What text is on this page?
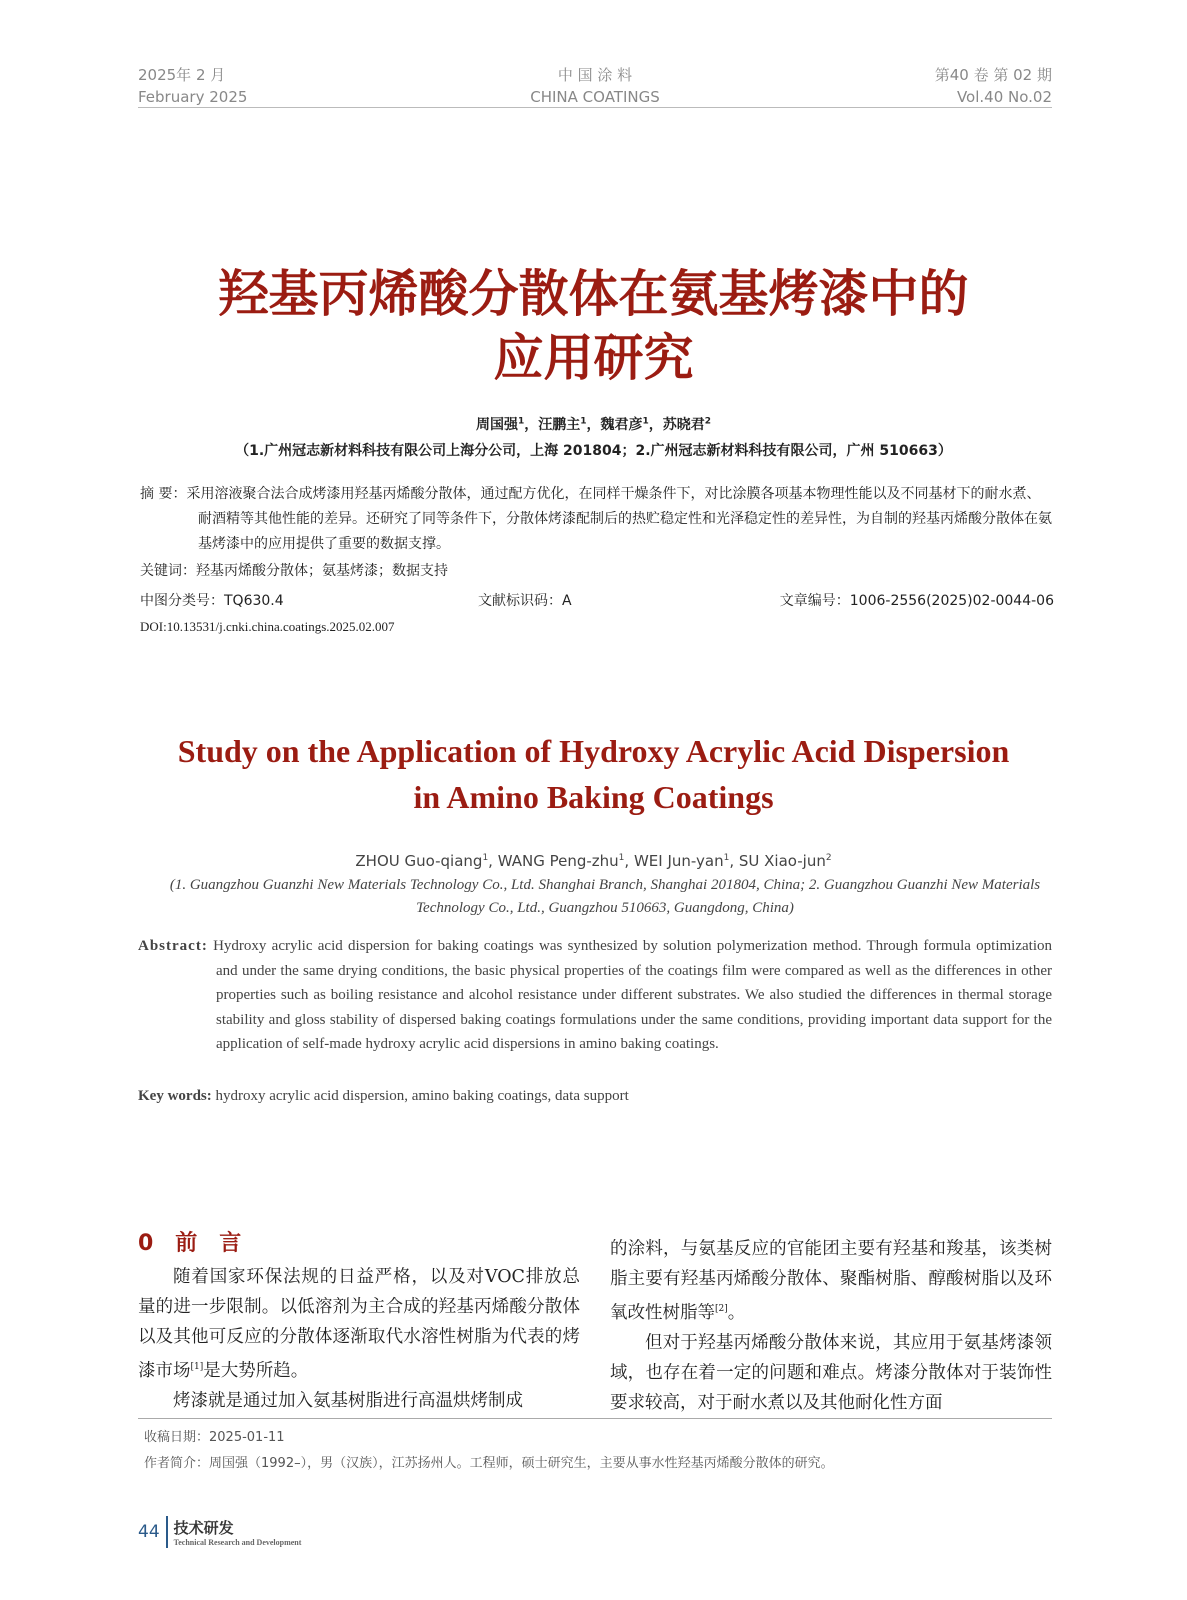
2025年 2 月
February 2025
中 国 涂 料
CHINA COATINGS
第40 卷 第 02 期
Vol.40 No.02
羟基丙烯酸分散体在氨基烤漆中的
应用研究
周国强$^1$，汪鹏主$^1$，魏君彦$^1$，苏晓君$^2$
（1.广州冠志新材料科技有限公司上海分公司，上海 201804；2.广州冠志新材料科技有限公司，广州 510663）
摘 要：采用溶液聚合法合成烤漆用羟基丙烯酸分散体，通过配方优化，在同样干燥条件下，对比涂膜各项基本物理性能以及不同基材下的耐水煮、耐酒精等其他性能的差异。还研究了同等条件下，分散体烤漆配制后的热贮稳定性和光泽稳定性的差异性，为自制的羟基丙烯酸分散体在氨基烤漆中的应用提供了重要的数据支撑。
关键词：羟基丙烯酸分散体；氨基烤漆；数据支持
中图分类号：TQ630.4	文献标识码：A	文章编号：1006-2556(2025)02-0044-06
DOI:10.13531/j.cnki.china.coatings.2025.02.007
Study on the Application of Hydroxy Acrylic Acid Dispersion
in Amino Baking Coatings
ZHOU Guo-qiang$^1$, WANG Peng-zhu$^1$, WEI Jun-yan$^1$, SU Xiao-jun$^2$
(1. Guangzhou Guanzhi New Materials Technology Co., Ltd. Shanghai Branch, Shanghai 201804, China; 2. Guangzhou Guanzhi New Materials Technology Co., Ltd., Guangzhou 510663, Guangdong, China)
Abstract: Hydroxy acrylic acid dispersion for baking coatings was synthesized by solution polymerization method. Through formula optimization and under the same drying conditions, the basic physical properties of the coatings film were compared as well as the differences in other properties such as boiling resistance and alcohol resistance under different substrates. We also studied the differences in thermal storage stability and gloss stability of dispersed baking coatings formulations under the same conditions, providing important data support for the application of self-made hydroxy acrylic acid dispersions in amino baking coatings.
Key words: hydroxy acrylic acid dispersion, amino baking coatings, data support
0　前　言

随着国家环保法规的日益严格，以及对VOC排放总量的进一步限制。以低溶剂为主合成的羟基丙烯酸分散体以及其他可反应的分散体逐渐取代水溶性树脂为代表的烤漆市场[1]是大势所趋。

烤漆就是通过加入氨基树脂进行高温烘烤制成

的涂料，与氨基反应的官能团主要有羟基和羧基，该类树脂主要有羟基丙烯酸分散体、聚酯树脂、醇酸树脂以及环氧改性树脂等[2]。

但对于羟基丙烯酸分散体来说，其应用于氨基烤漆领域，也存在着一定的问题和难点。烤漆分散体对于装饰性要求较高，对于耐水煮以及其他耐化性方面

收稿日期：2025-01-11
作者简介：周国强（1992–），男（汉族），江苏扬州人。工程师，硕士研究生，主要从事水性羟基丙烯酸分散体的研究。
44 技术研发
Technical Research and Development
